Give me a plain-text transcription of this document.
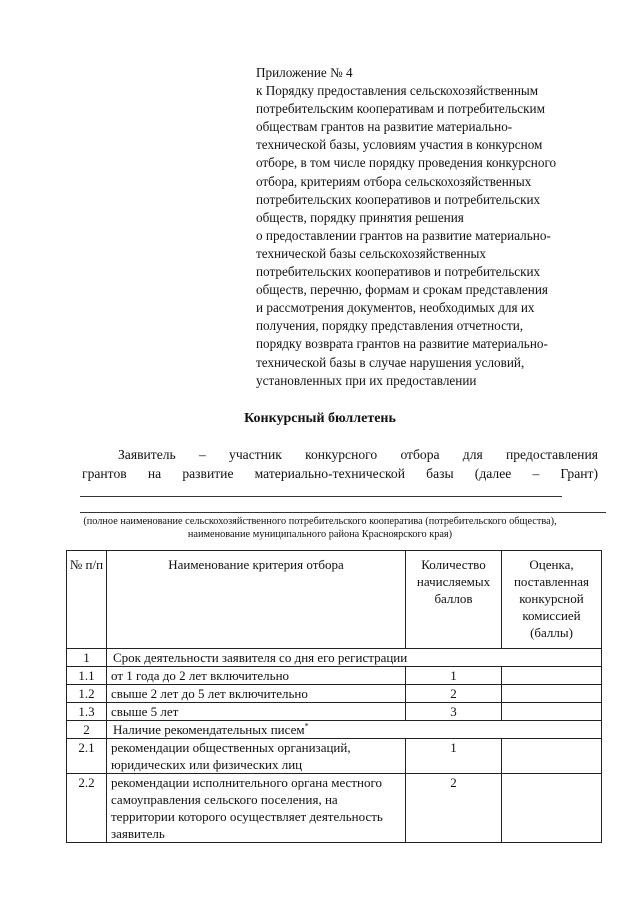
Приложение № 4
к Порядку предоставления сельскохозяйственным
потребительским кооперативам и потребительским
обществам грантов на развитие материально-
технической базы, условиям участия в конкурсном
отборе, в том числе порядку проведения конкурсного
отбора, критериям отбора сельскохозяйственных
потребительских кооперативов и потребительских
обществ, порядку принятия решения
о предоставлении грантов на развитие материально-
технической базы сельскохозяйственных
потребительских кооперативов и потребительских
обществ, перечню, формам и срокам представления
и рассмотрения документов, необходимых для их
получения, порядку представления отчетности,
порядку возврата грантов на развитие материально-
технической базы в случае нарушения условий,
установленных при их предоставлении
Конкурсный бюллетень
Заявитель – участник конкурсного отбора для предоставления
грантов на развитие материально-технической базы (далее – Грант)
(полное наименование сельскохозяйственного потребительского кооператива (потребительского общества),
наименование муниципального района Красноярского края)
№ п/п	Наименование критерия отбора	Количество начисляемых баллов	Оценка, поставленная конкурсной комиссией (баллы)
1	Срок деятельности заявителя со дня его регистрации		
1.1	от 1 года до 2 лет включительно	1	
1.2	свыше 2 лет до 5 лет включительно	2	
1.3	свыше 5 лет	3	
2	Наличие рекомендательных писем*
2.1	рекомендации общественных организаций, юридических или физических лиц	1	
2.2	рекомендации исполнительного органа местного самоуправления сельского поселения, на территории которого осуществляет деятельность заявитель	2	
